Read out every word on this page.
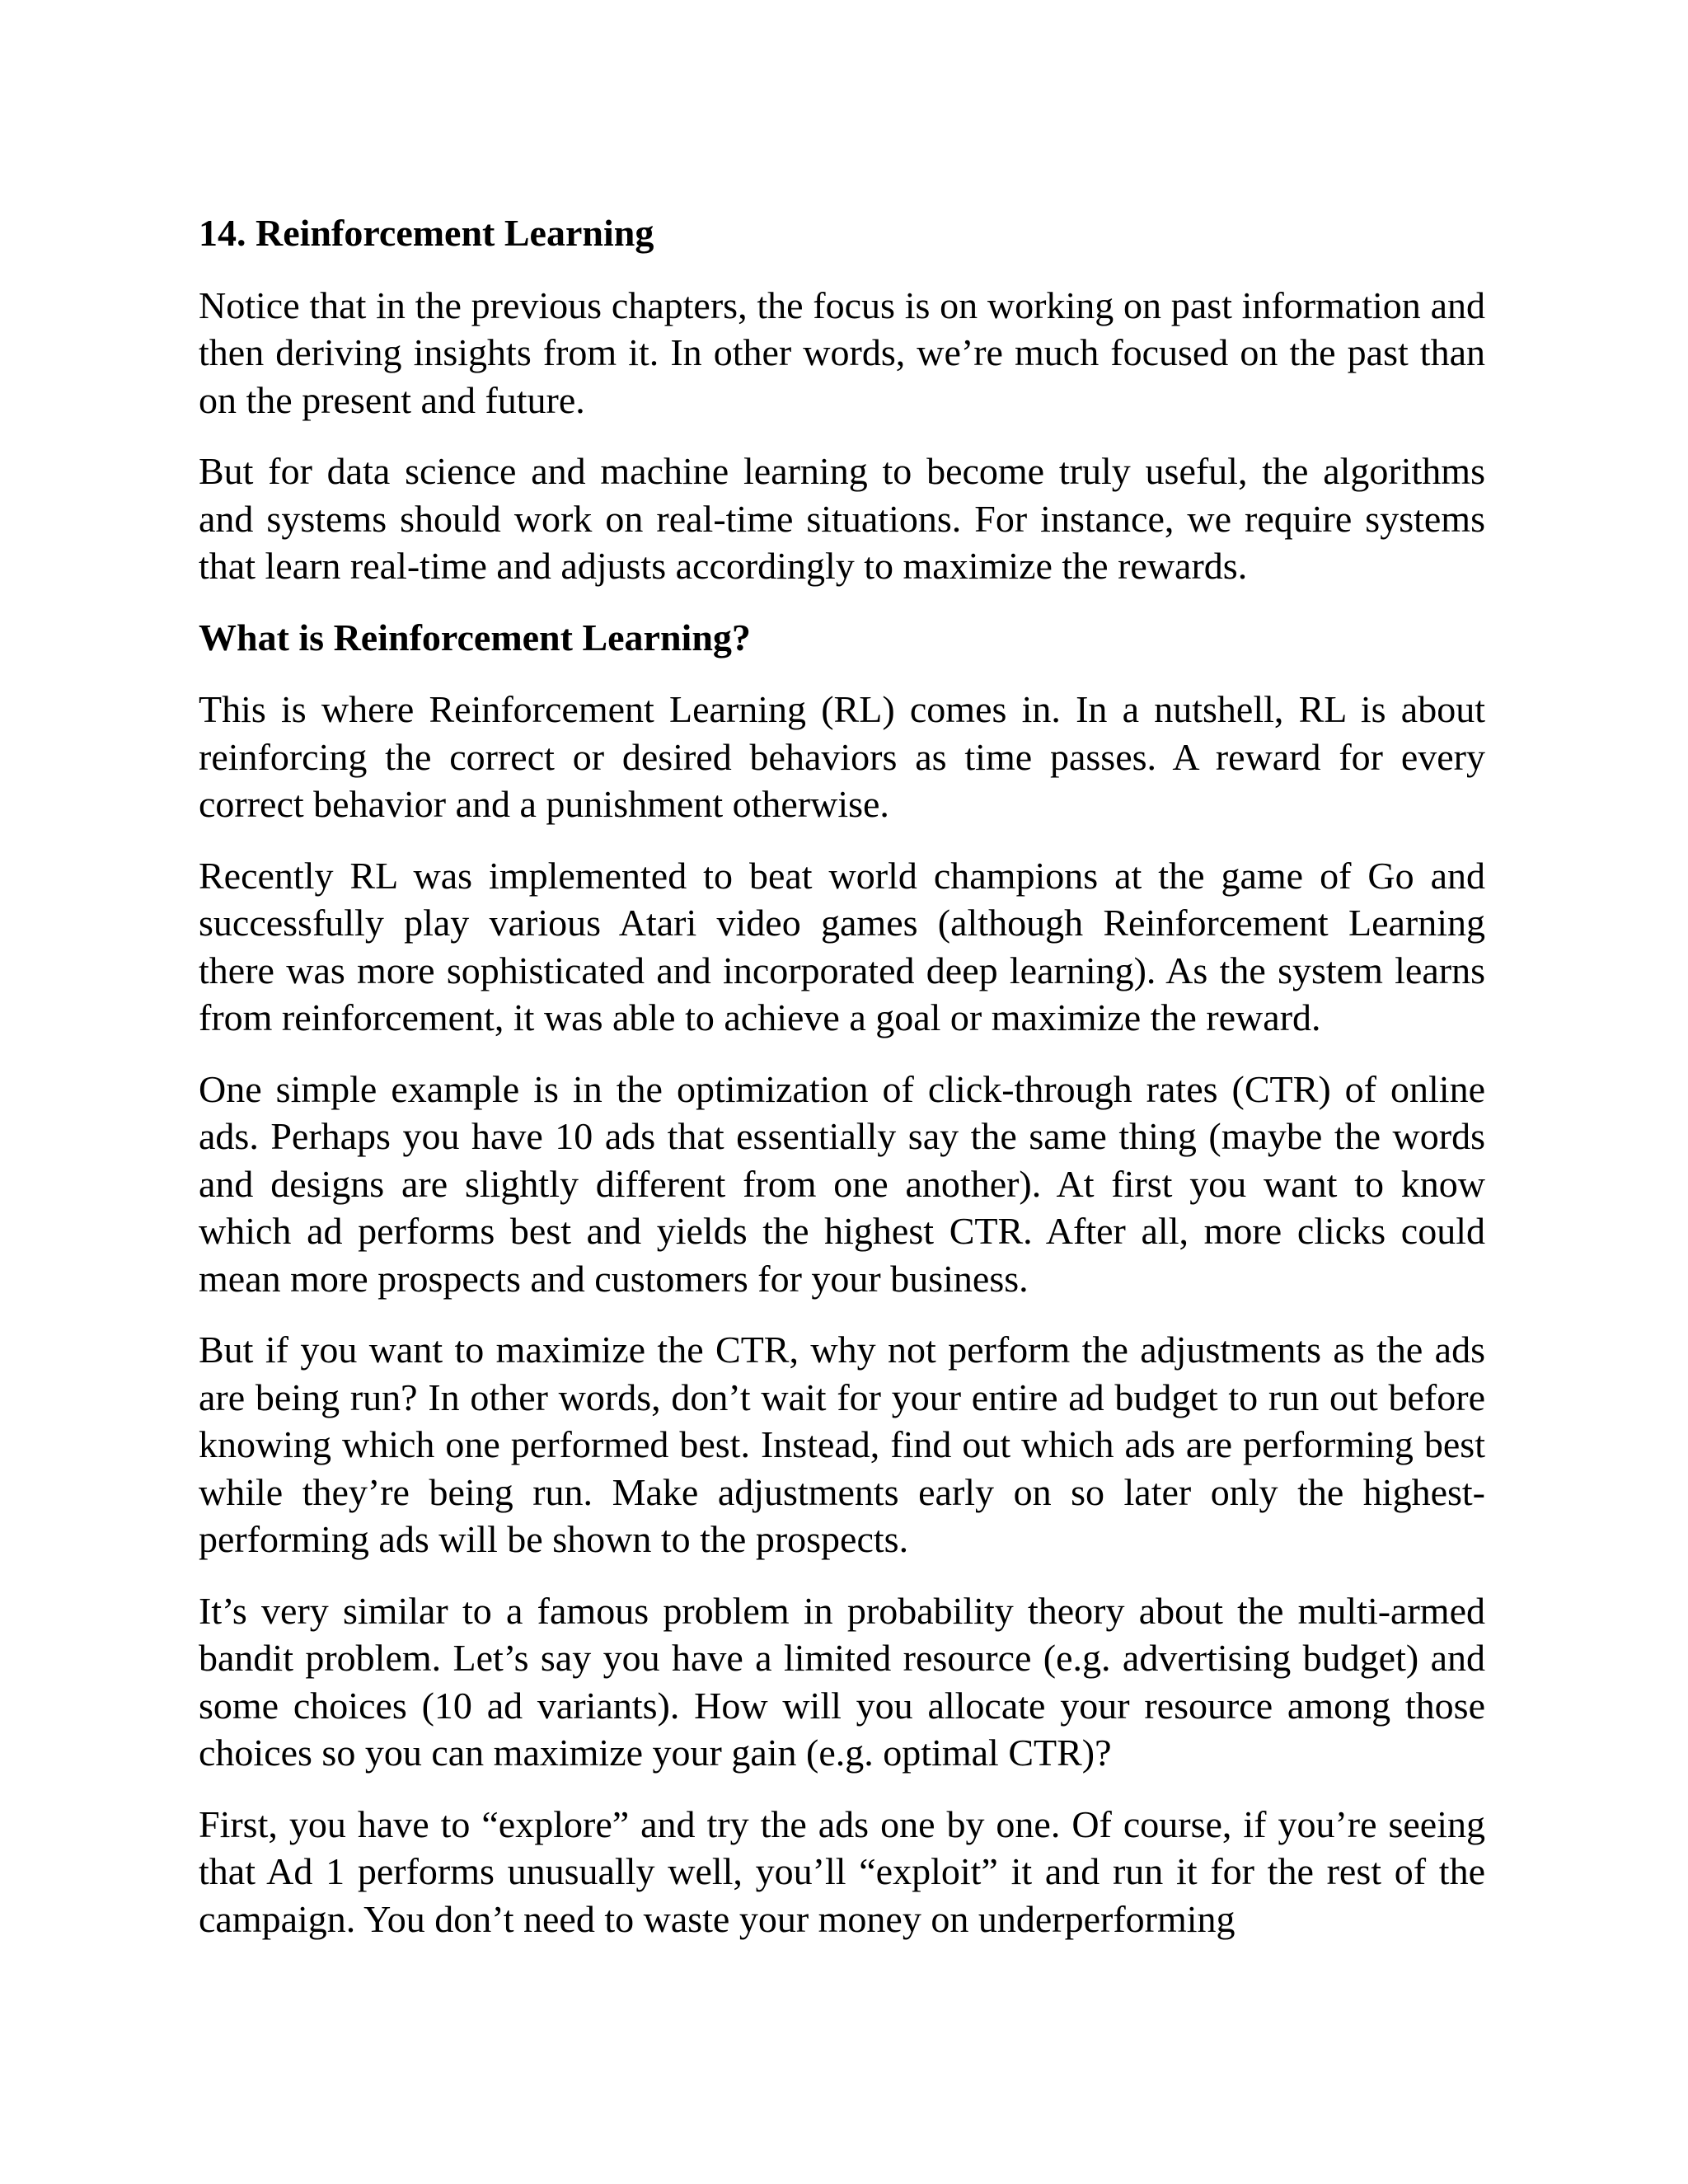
14. Reinforcement Learning

Notice that in the previous chapters, the focus is on working on past information and then deriving insights from it. In other words, we’re much focused on the past than on the present and future.

But for data science and machine learning to become truly useful, the algorithms and systems should work on real-time situations. For instance, we require systems that learn real-time and adjusts accordingly to maximize the rewards.

What is Reinforcement Learning?

This is where Reinforcement Learning (RL) comes in. In a nutshell, RL is about reinforcing the correct or desired behaviors as time passes. A reward for every correct behavior and a punishment otherwise.

Recently RL was implemented to beat world champions at the game of Go and successfully play various Atari video games (although Reinforcement Learning there was more sophisticated and incorporated deep learning). As the system learns from reinforcement, it was able to achieve a goal or maximize the reward.

One simple example is in the optimization of click-through rates (CTR) of online ads. Perhaps you have 10 ads that essentially say the same thing (maybe the words and designs are slightly different from one another). At first you want to know which ad performs best and yields the highest CTR. After all, more clicks could mean more prospects and customers for your business.

But if you want to maximize the CTR, why not perform the adjustments as the ads are being run? In other words, don’t wait for your entire ad budget to run out before knowing which one performed best. Instead, find out which ads are performing best while they’re being run. Make adjustments early on so later only the highest-performing ads will be shown to the prospects.

It’s very similar to a famous problem in probability theory about the multi-armed bandit problem. Let’s say you have a limited resource (e.g. advertising budget) and some choices (10 ad variants). How will you allocate your resource among those choices so you can maximize your gain (e.g. optimal CTR)?

First, you have to “explore” and try the ads one by one. Of course, if you’re seeing that Ad 1 performs unusually well, you’ll “exploit” it and run it for the rest of the campaign. You don’t need to waste your money on underperforming
